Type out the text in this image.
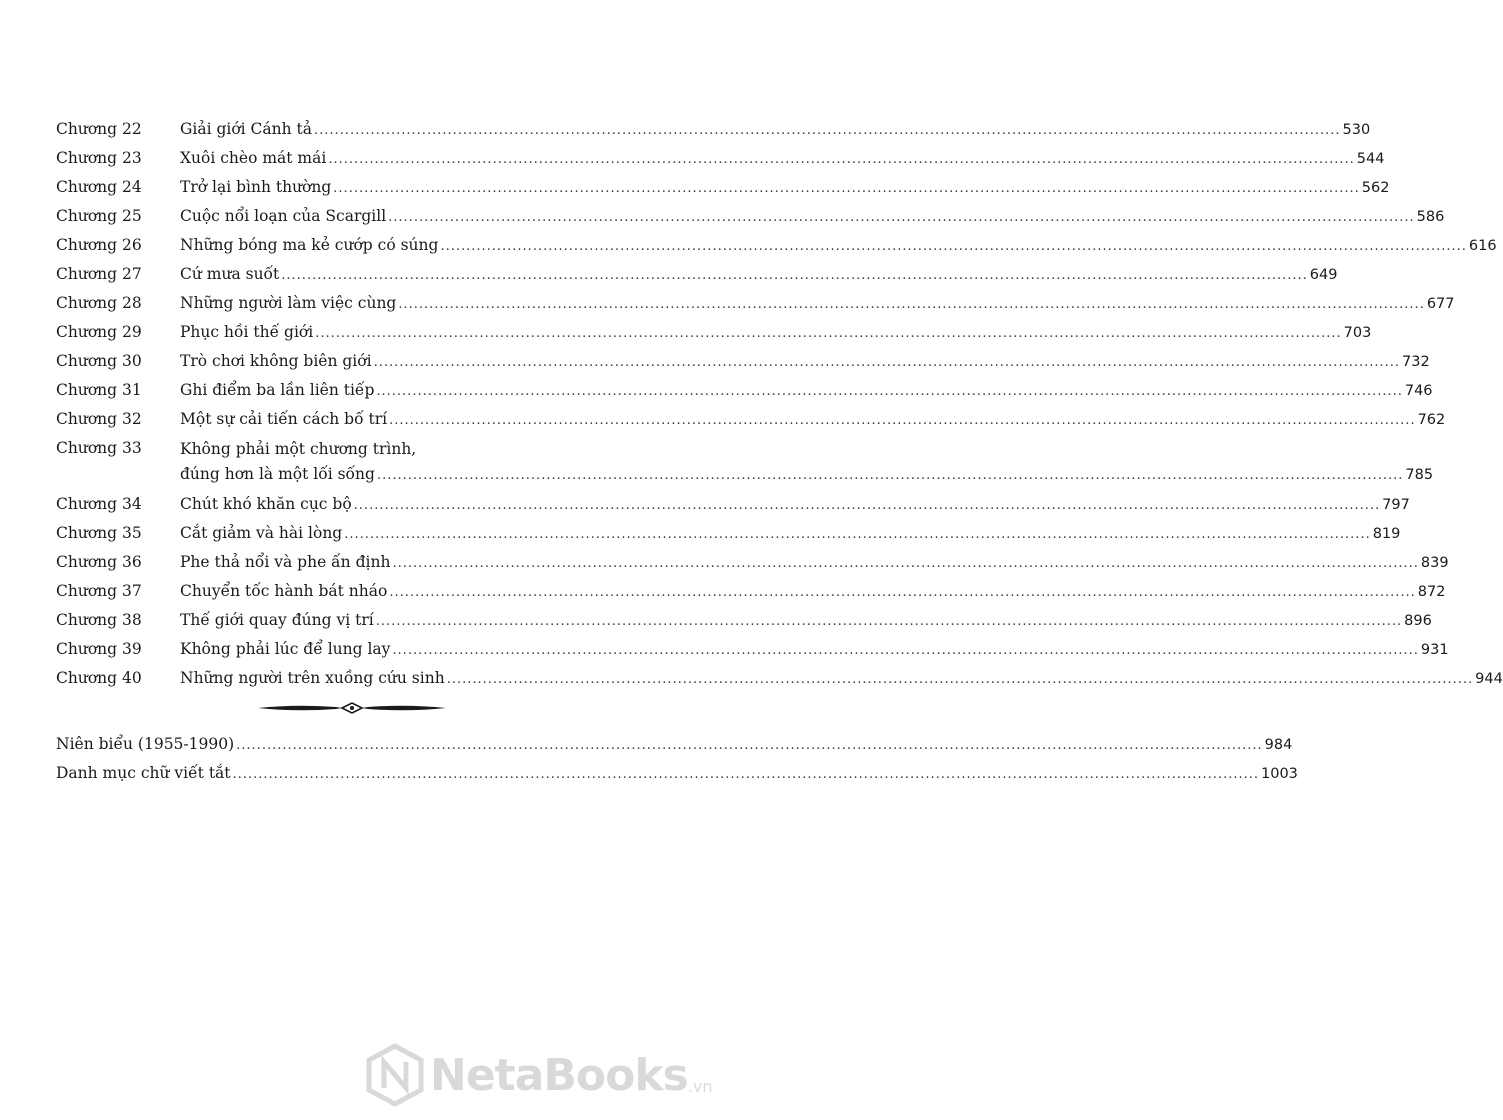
Chương 22	Giải giới Cánh tả .....	530
Chương 23	Xuôi chèo mát mái .....	544
Chương 24	Trở lại bình thường .....	562
Chương 25	Cuộc nổi loạn của Scargill .....	586
Chương 26	Những bóng ma kẻ cướp có súng .....	616
Chương 27	Cứ mưa suốt .....	649
Chương 28	Những người làm việc cùng .....	677
Chương 29	Phục hồi thế giới .....	703
Chương 30	Trò chơi không biên giới .....	732
Chương 31	Ghi điểm ba lần liên tiếp .....	746
Chương 32	Một sự cải tiến cách bố trí .....	762
Chương 33	Không phải một chương trình,
đúng hơn là một lối sống .....	785
Chương 34	Chút khó khăn cục bộ .....	797
Chương 35	Cắt giảm và hài lòng .....	819
Chương 36	Phe thả nổi và phe ấn định .....	839
Chương 37	Chuyển tốc hành bát nháo .....	872
Chương 38	Thế giới quay đúng vị trí .....	896
Chương 39	Không phải lúc để lung lay .....	931
Chương 40	Những người trên xuồng cứu sinh .....	944
Niên biểu (1955-1990) .....	984
Danh mục chữ viết tắt .....	1003
NetaBooks .vn
